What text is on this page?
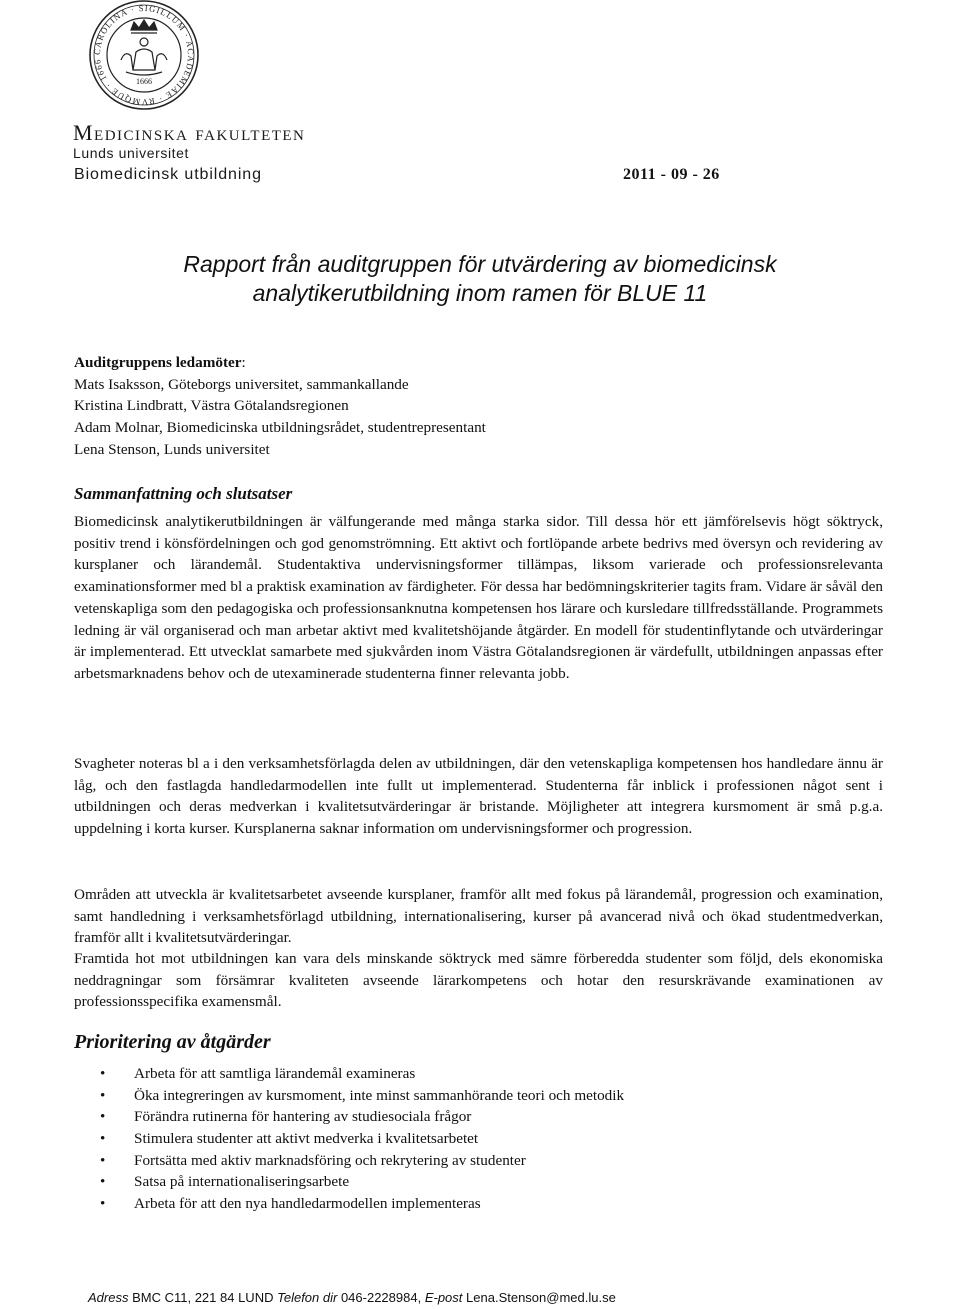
CAROLINA · SIGILLUM · ACADEMIAE · RVMQUE · 1666
1666
Medicinska fakulteten
Lunds universitet
Biomedicinsk utbildning	2011 - 09 - 26
Rapport från auditgruppen för utvärdering av biomedicinsk
analytikerutbildning inom ramen för BLUE 11
Auditgruppens ledamöter:
Mats Isaksson, Göteborgs universitet, sammankallande
Kristina Lindbratt, Västra Götalandsregionen
Adam Molnar, Biomedicinska utbildningsrådet, studentrepresentant
Lena Stenson, Lunds universitet
Sammanfattning och slutsatser
Biomedicinsk analytikerutbildningen är välfungerande med många starka sidor. Till dessa hör ett jämförelsevis högt söktryck, positiv trend i könsfördelningen och god genomströmning. Ett aktivt och fortlöpande arbete bedrivs med översyn och revidering av kursplaner och lärandemål. Studentaktiva undervisningsformer tillämpas, liksom varierade och professionsrelevanta examinationsformer med bl a praktisk examination av färdigheter. För dessa har bedömningskriterier tagits fram. Vidare är såväl den vetenskapliga som den pedagogiska och professionsanknutna kompetensen hos lärare och kursledare tillfredsställande. Programmets ledning är väl organiserad och man arbetar aktivt med kvalitetshöjande åtgärder. En modell för studentinflytande och utvärderingar är implementerad. Ett utvecklat samarbete med sjukvården inom Västra Götalandsregionen är värdefullt, utbildningen anpassas efter arbetsmarknadens behov och de utexaminerade studenterna finner relevanta jobb.
Svagheter noteras bl a i den verksamhetsförlagda delen av utbildningen, där den vetenskapliga kompetensen hos handledare ännu är låg, och den fastlagda handledarmodellen inte fullt ut implementerad. Studenterna får inblick i professionen något sent i utbildningen och deras medverkan i kvalitetsutvärderingar är bristande. Möjligheter att integrera kursmoment är små p.g.a. uppdelning i korta kurser. Kursplanerna saknar information om undervisningsformer och progression.
Områden att utveckla är kvalitetsarbetet avseende kursplaner, framför allt med fokus på lärandemål, progression och examination, samt handledning i verksamhetsförlagd utbildning, internationalisering, kurser på avancerad nivå och ökad studentmedverkan, framför allt i kvalitetsutvärderingar.
Framtida hot mot utbildningen kan vara dels minskande söktryck med sämre förberedda studenter som följd, dels ekonomiska neddragningar som försämrar kvaliteten avseende lärarkompetens och hotar den resurskrävande examinationen av professionsspecifika examensmål.
Prioritering av åtgärder
• Arbeta för att samtliga lärandemål examineras
• Öka integreringen av kursmoment, inte minst sammanhörande teori och metodik
• Förändra rutinerna för hantering av studiesociala frågor
• Stimulera studenter att aktivt medverka i kvalitetsarbetet
• Fortsätta med aktiv marknadsföring och rekrytering av studenter
• Satsa på internationaliseringsarbete
• Arbeta för att den nya handledarmodellen implementeras
Adress BMC C11, 221 84 LUND Telefon dir 046-2228984, E-post Lena.Stenson@med.lu.se
